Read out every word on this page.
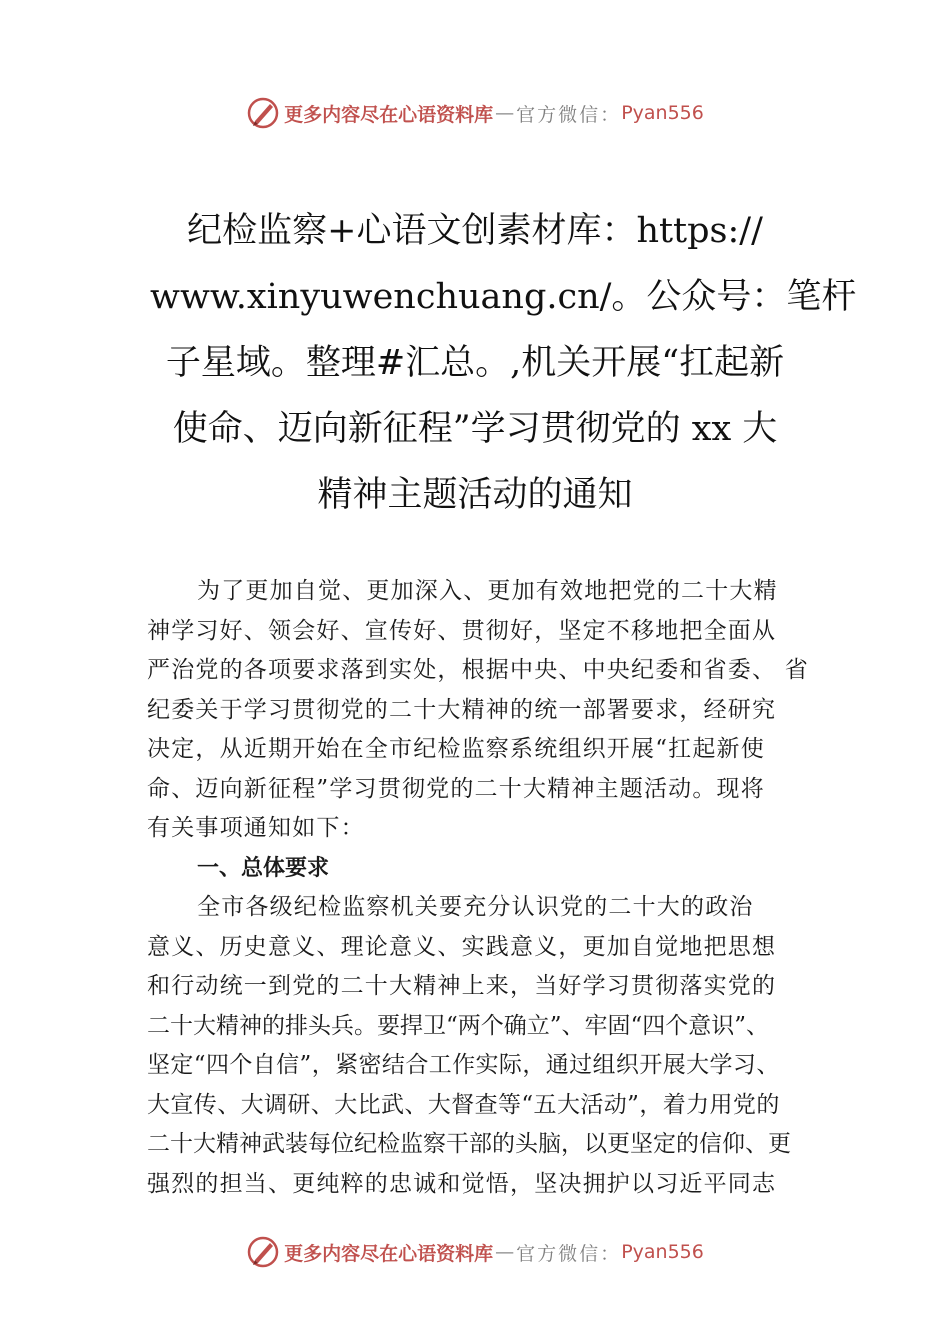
更多内容尽在心语资料库 — 官方微信： Pyan556
纪检监察+心语文创素材库：https://
www.xinyuwenchuang.cn/。公众号：笔杆
子星域。整理#汇总。,机关开展“扛起新
使命、迈向新征程”学习贯彻党的 xx 大
精神主题活动的通知
为了更加自觉、更加深入、更加有效地把党的二十大精
神学习好、领会好、宣传好、贯彻好，坚定不移地把全面从
严治党的各项要求落到实处，根据中央、中央纪委和省委、 省
纪委关于学习贯彻党的二十大精神的统一部署要求，经研究
决定，从近期开始在全市纪检监察系统组织开展“扛起新使
命、迈向新征程”学习贯彻党的二十大精神主题活动。现将
有关事项通知如下：
一、总体要求
全市各级纪检监察机关要充分认识党的二十大的政治
意义、历史意义、理论意义、实践意义，更加自觉地把思想
和行动统一到党的二十大精神上来，当好学习贯彻落实党的
二十大精神的排头兵。要捍卫“两个确立”、牢固“四个意识”、
坚定“四个自信”，紧密结合工作实际，通过组织开展大学习、
大宣传、大调研、大比武、大督查等“五大活动”，着力用党的
二十大精神武装每位纪检监察干部的头脑，以更坚定的信仰、更
强烈的担当、更纯粹的忠诚和觉悟，坚决拥护以习近平同志
更多内容尽在心语资料库 — 官方微信： Pyan556
